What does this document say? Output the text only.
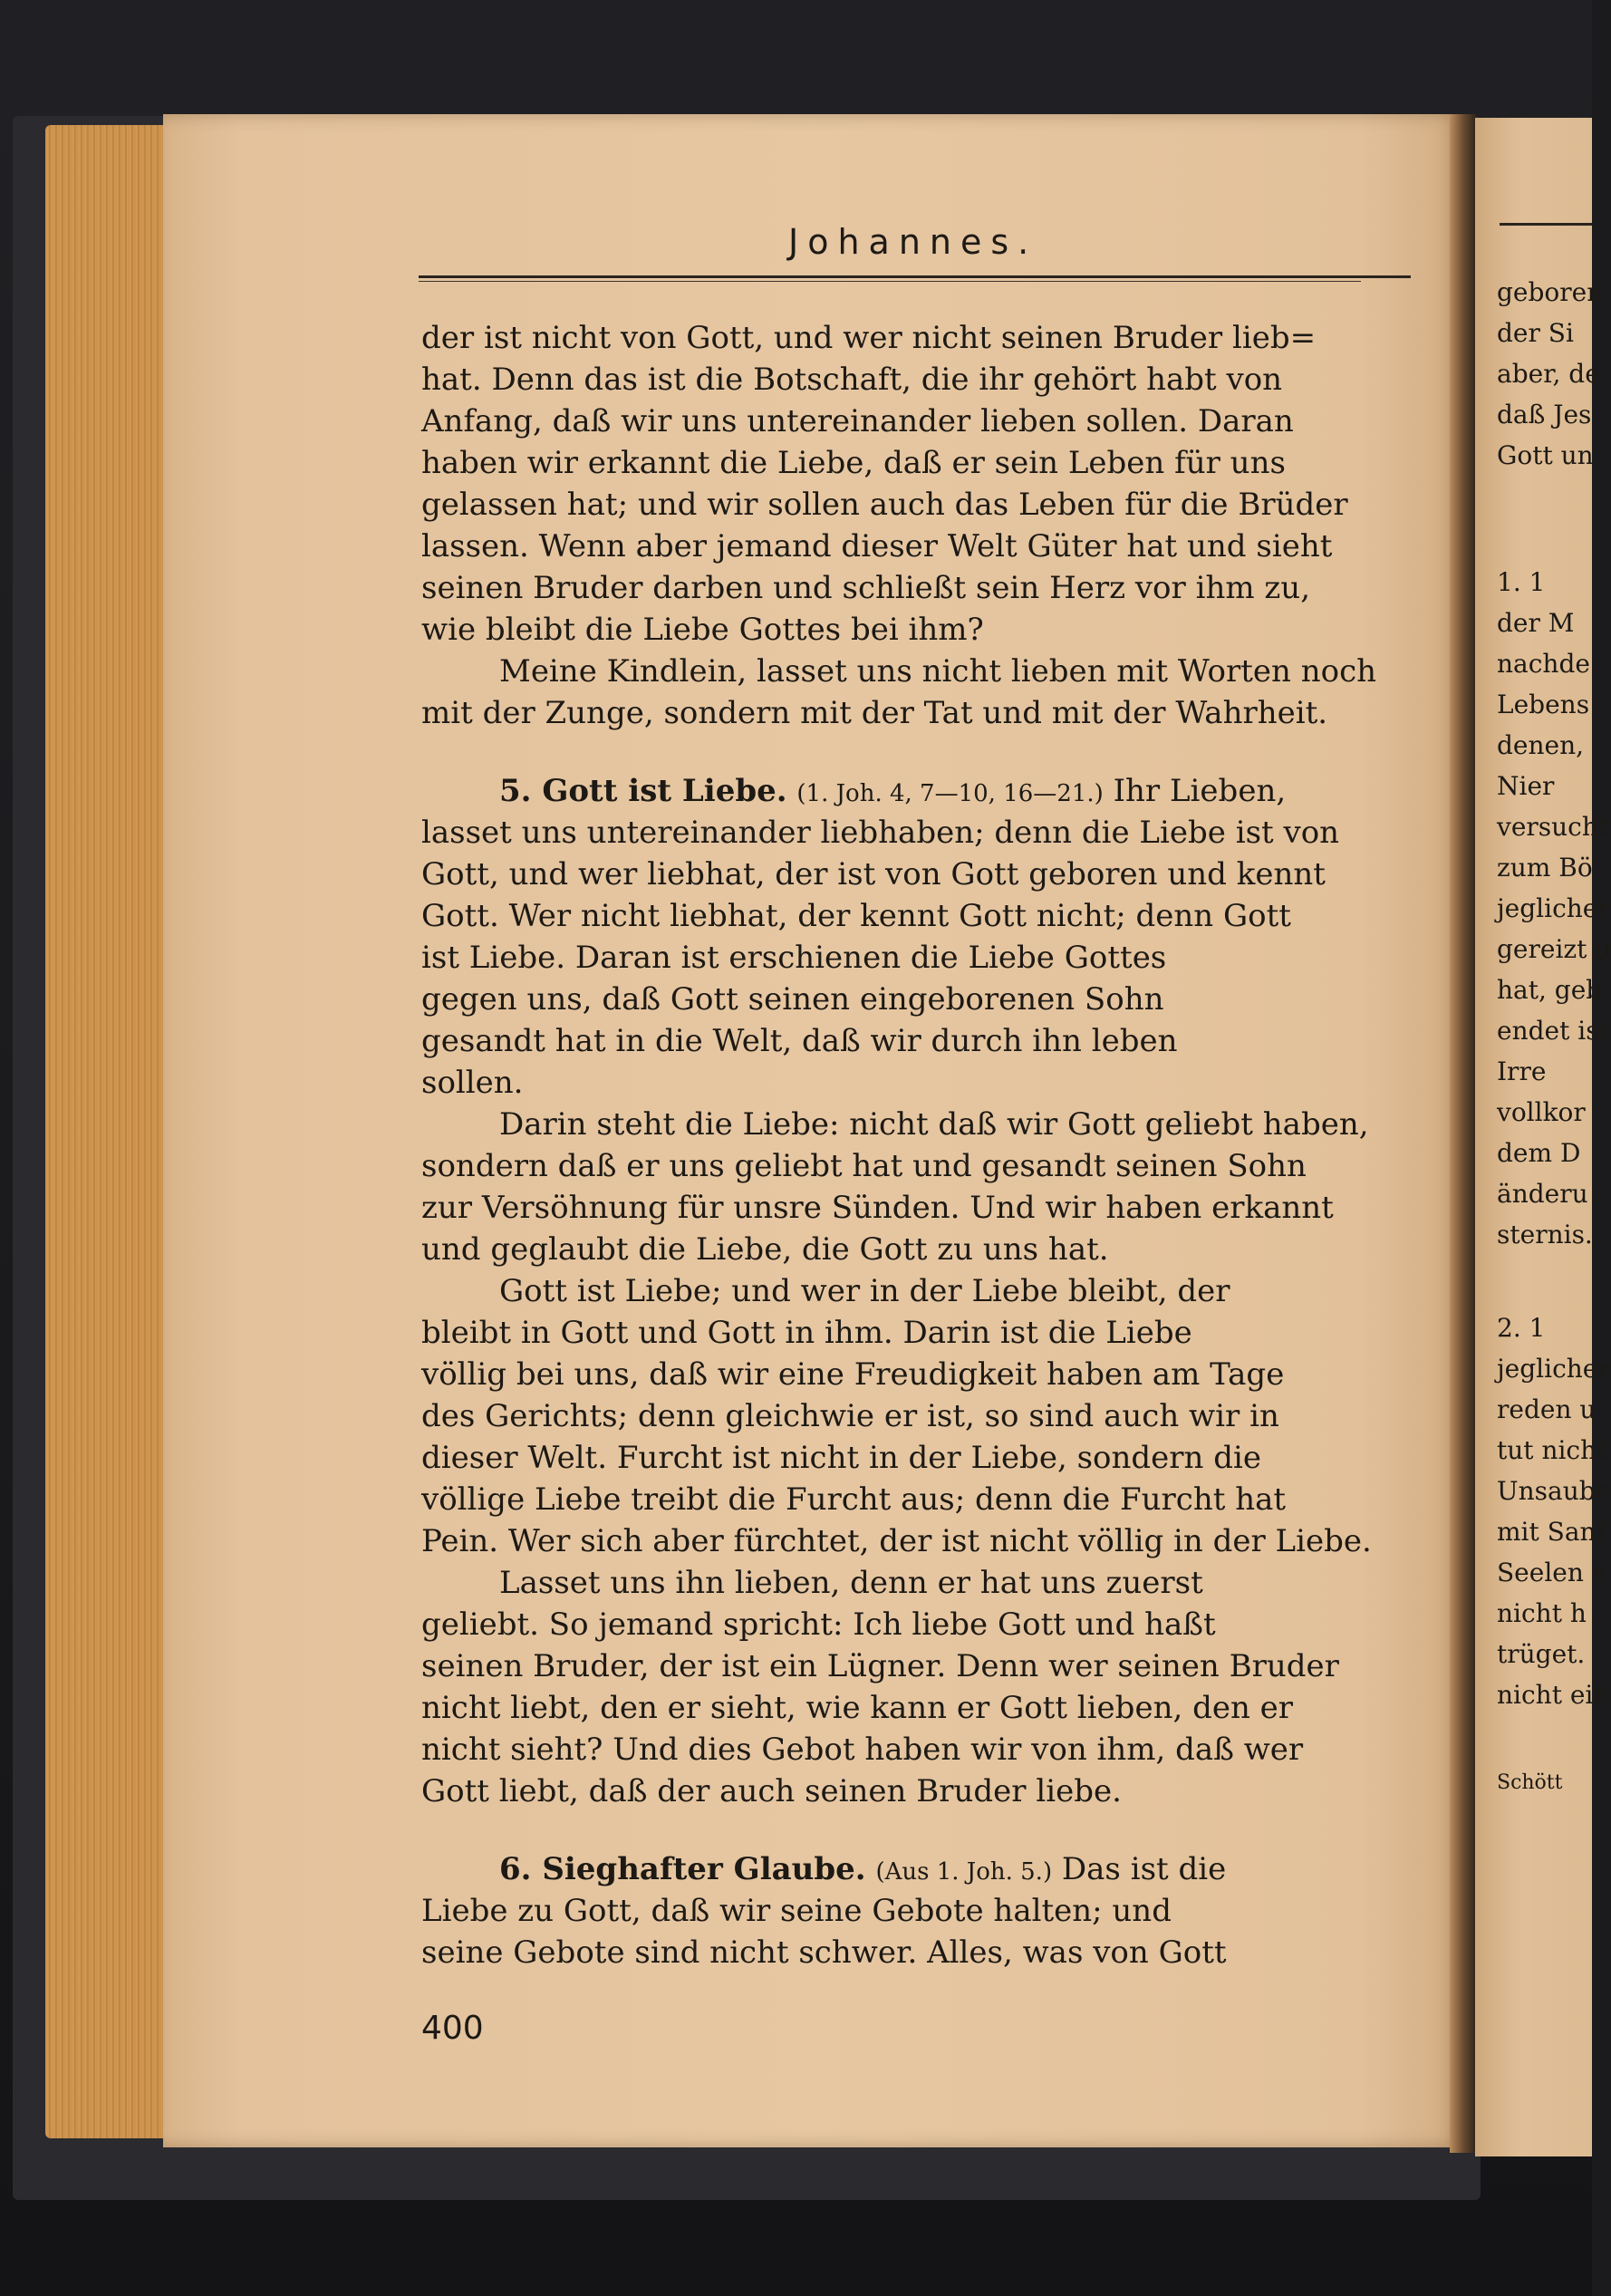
Johannes.
der ist nicht von Gott, und wer nicht seinen Bruder lieb=
hat. Denn das ist die Botschaft, die ihr gehört habt von
Anfang, daß wir uns untereinander lieben sollen. Daran
haben wir erkannt die Liebe, daß er sein Leben für uns
gelassen hat; und wir sollen auch das Leben für die Brüder
lassen. Wenn aber jemand dieser Welt Güter hat und sieht
seinen Bruder darben und schließt sein Herz vor ihm zu,
wie bleibt die Liebe Gottes bei ihm?
Meine Kindlein, lasset uns nicht lieben mit Worten noch
mit der Zunge, sondern mit der Tat und mit der Wahrheit.
5. Gott ist Liebe. (1. Joh. 4, 7—10, 16—21.) Ihr Lieben,
lasset uns untereinander liebhaben; denn die Liebe ist von
Gott, und wer liebhat, der ist von Gott geboren und kennt
Gott. Wer nicht liebhat, der kennt Gott nicht; denn Gott
ist Liebe. Daran ist erschienen die Liebe Gottes
gegen uns, daß Gott seinen eingeborenen Sohn
gesandt hat in die Welt, daß wir durch ihn leben
sollen.
Darin steht die Liebe: nicht daß wir Gott geliebt haben,
sondern daß er uns geliebt hat und gesandt seinen Sohn
zur Versöhnung für unsre Sünden. Und wir haben erkannt
und geglaubt die Liebe, die Gott zu uns hat.
Gott ist Liebe; und wer in der Liebe bleibt, der
bleibt in Gott und Gott in ihm. Darin ist die Liebe
völlig bei uns, daß wir eine Freudigkeit haben am Tage
des Gerichts; denn gleichwie er ist, so sind auch wir in
dieser Welt. Furcht ist nicht in der Liebe, sondern die
völlige Liebe treibt die Furcht aus; denn die Furcht hat
Pein. Wer sich aber fürchtet, der ist nicht völlig in der Liebe.
Lasset uns ihn lieben, denn er hat uns zuerst
geliebt. So jemand spricht: Ich liebe Gott und haßt
seinen Bruder, der ist ein Lügner. Denn wer seinen Bruder
nicht liebt, den er sieht, wie kann er Gott lieben, den er
nicht sieht? Und dies Gebot haben wir von ihm, daß wer
Gott liebt, daß der auch seinen Bruder liebe.
6. Sieghafter Glaube. (Aus 1. Joh. 5.) Das ist die
Liebe zu Gott, daß wir seine Gebote halten; und
seine Gebote sind nicht schwer. Alles, was von Gott
400
geboren
der Si
aber, de
daß Jes
Gott un
1. 1
der M
nachde
Lebens
denen,
Nier
versucht
zum Bö
jeglicher
gereizt u
hat, geb
endet ist
Irre
vollkor
dem D
änderu
sternis.
2. 1
jeglicher
reden u
tut nicht
Unsaube
mit Sanf
Seelen s
nicht h
trüget.
nicht ein
Schött
